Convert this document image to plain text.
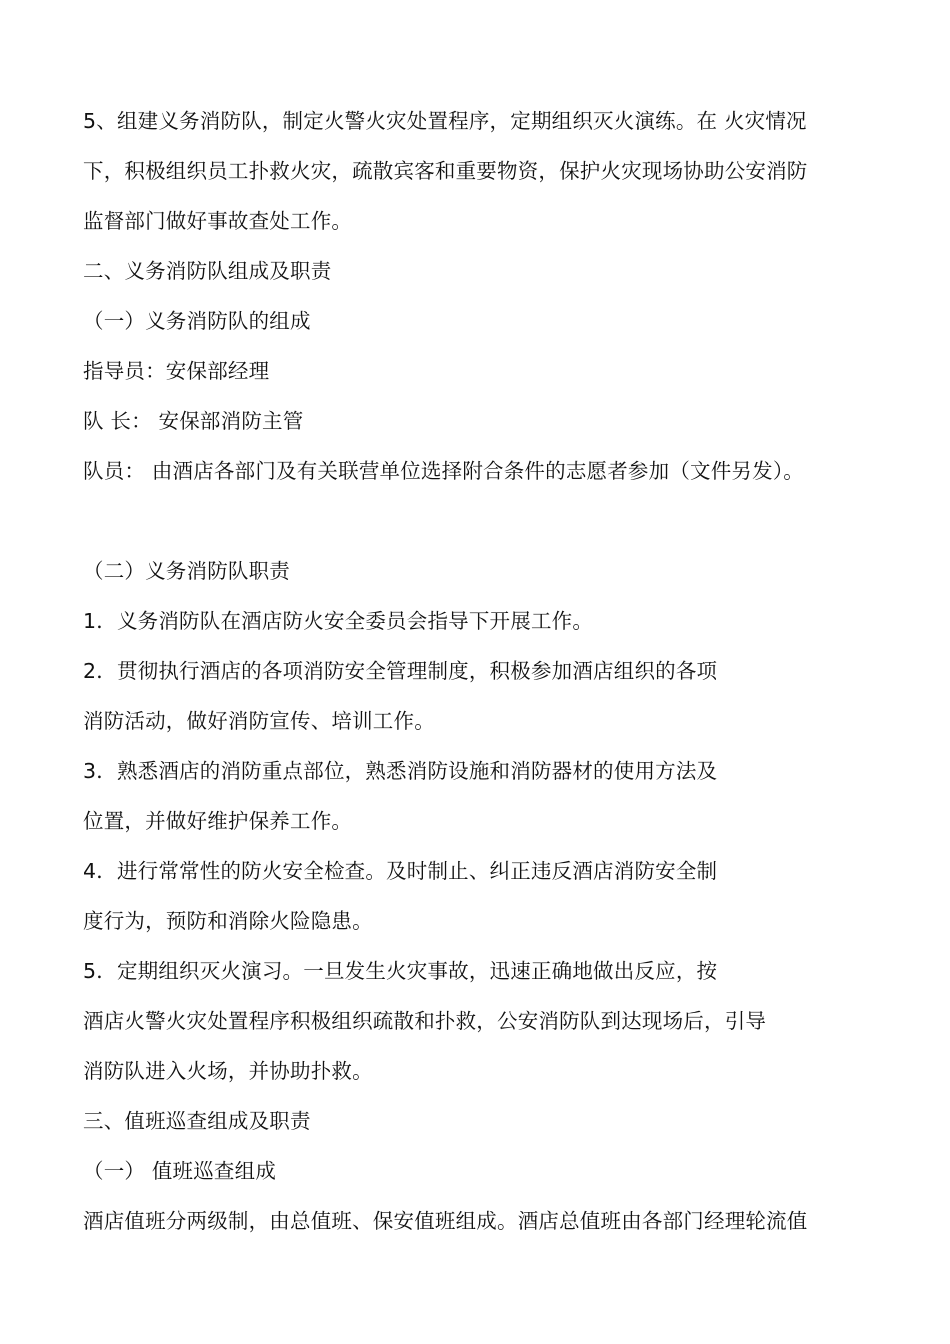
5、组建义务消防队，制定火警火灾处置程序，定期组织灭火演练。在 火灾情况
下，积极组织员工扑救火灾，疏散宾客和重要物资，保护火灾现场协助公安消防
监督部门做好事故查处工作。
二、义务消防队组成及职责
（一）义务消防队的组成
指导员：安保部经理
队 长： 安保部消防主管
队员： 由酒店各部门及有关联营单位选择附合条件的志愿者参加（文件另发）。
（二）义务消防队职责
1．义务消防队在酒店防火安全委员会指导下开展工作。
2．贯彻执行酒店的各项消防安全管理制度，积极参加酒店组织的各项
消防活动，做好消防宣传、培训工作。
3．熟悉酒店的消防重点部位，熟悉消防设施和消防器材的使用方法及
位置，并做好维护保养工作。
4．进行常常性的防火安全检查。及时制止、纠正违反酒店消防安全制
度行为，预防和消除火险隐患。
5．定期组织灭火演习。一旦发生火灾事故，迅速正确地做出反应，按
酒店火警火灾处置程序积极组织疏散和扑救，公安消防队到达现场后，引导
消防队进入火场，并协助扑救。
三、值班巡查组成及职责
（一） 值班巡查组成
酒店值班分两级制，由总值班、保安值班组成。酒店总值班由各部门经理轮流值
